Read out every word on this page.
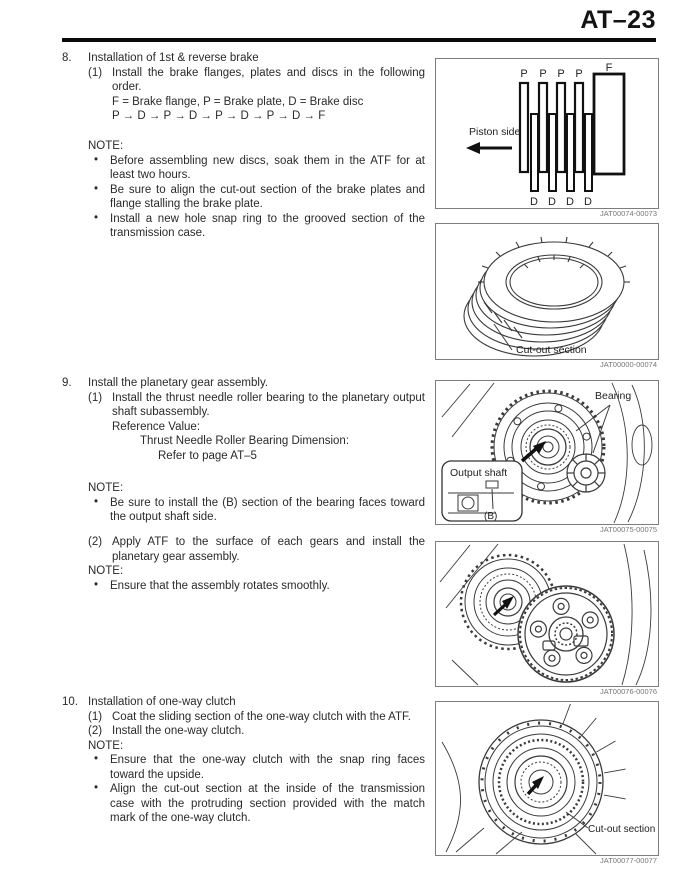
AT–23
8. Installation of 1st & reverse brake
(1) Install the brake flanges, plates and discs in the following order.
F = Brake flange, P = Brake plate, D = Brake disc
P → D → P → D → P → D → P → D → F
NOTE:
• Before assembling new discs, soak them in the ATF for at least two hours.
• Be sure to align the cut-out section of the brake plates and flange stalling the brake plate.
• Install a new hole snap ring to the grooved section of the transmission case.
9. Install the planetary gear assembly.
(1) Install the thrust needle roller bearing to the planetary output shaft subassembly.
Reference Value:
Thrust Needle Roller Bearing Dimension:
Refer to page AT–5
NOTE:
• Be sure to install the (B) section of the bearing faces toward the output shaft side.
(2) Apply ATF to the surface of each gears and install the planetary gear assembly.
NOTE:
• Ensure that the assembly rotates smoothly.
10. Installation of one-way clutch
(1) Coat the sliding section of the one-way clutch with the ATF.
(2) Install the one-way clutch.
NOTE:
• Ensure that the one-way clutch with the snap ring faces toward the upside.
• Align the cut-out section at the inside of the transmission case with the protruding section provided with the match mark of the one-way clutch.
P P P P F
D D D D
Piston side
JAT00074-00073
Cut-out section
JAT00000-00074
Bearing
Output shaft
(B)
JAT00075-00075
JAT00076-00076
Cut-out section
JAT00077-00077
